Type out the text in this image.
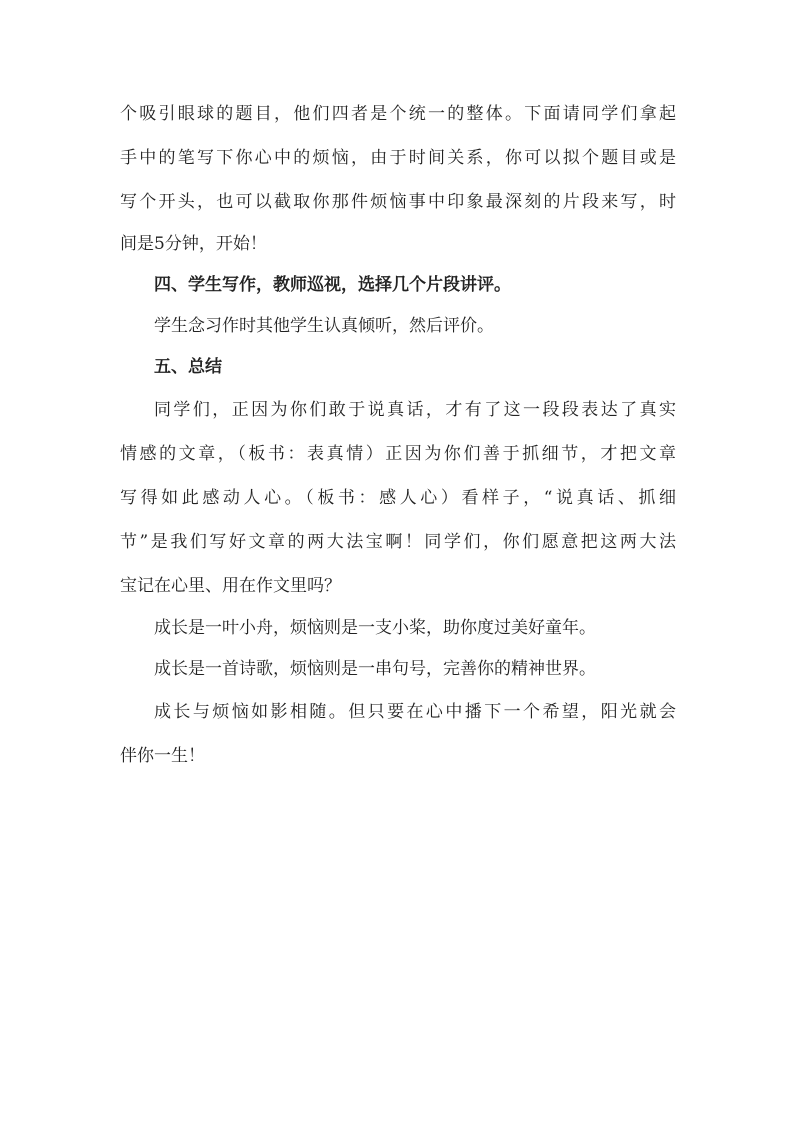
个吸引眼球的题目，他们四者是个统一的整体。下面请同学们拿起
手中的笔写下你心中的烦恼，由于时间关系，你可以拟个题目或是
写个开头，也可以截取你那件烦恼事中印象最深刻的片段来写，时
间是5分钟，开始！
四、学生写作，教师巡视，选择几个片段讲评。
学生念习作时其他学生认真倾听，然后评价。
五、总结
同学们，正因为你们敢于说真话，才有了这一段段表达了真实
情感的文章，（板书：表真情）正因为你们善于抓细节，才把文章
写得如此感动人心。（板书：感人心）看样子，“说真话、抓细
节”是我们写好文章的两大法宝啊！同学们，你们愿意把这两大法
宝记在心里、用在作文里吗？
成长是一叶小舟，烦恼则是一支小桨，助你度过美好童年。
成长是一首诗歌，烦恼则是一串句号，完善你的精神世界。
成长与烦恼如影相随。但只要在心中播下一个希望，阳光就会
伴你一生！
